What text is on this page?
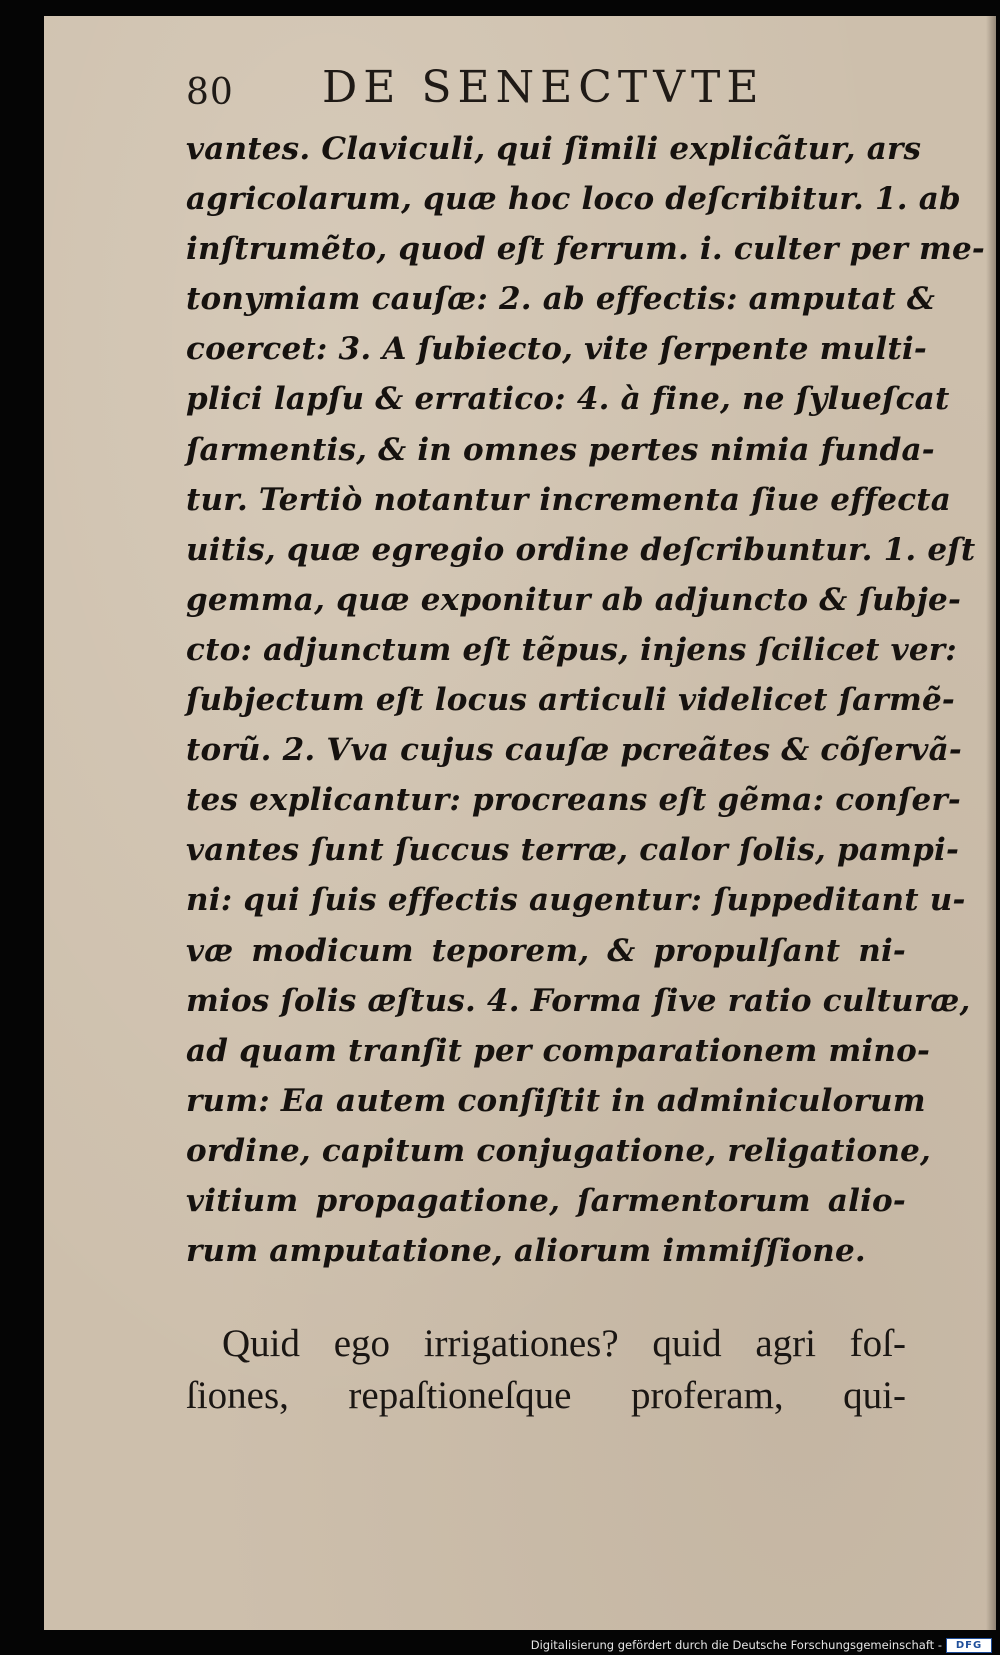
80 DE SENECTVTE
vantes. Claviculi, qui ſimili explicãtur, ars
agricolarum, quæ hoc loco deſcribitur. 1. ab
inſtrumẽto, quod eſt ferrum. i. culter per me-
tonymiam cauſæ: 2. ab effectis: amputat &
coercet: 3. A ſubiecto, vite ſerpente multi-
plici lapſu & erratico: 4. à fine, ne ſylueſcat
ſarmentis, & in omnes pertes nimia funda-
tur. Tertiò notantur incrementa ſiue effecta
uitis, quæ egregio ordine deſcribuntur. 1. eſt
gemma, quæ exponitur ab adjuncto & ſubje-
cto: adjunctum eſt tẽpus, injens ſcilicet ver:
ſubjectum eſt locus articuli videlicet ſarmẽ-
torũ. 2. Vva cujus cauſæ pcreãtes & cõſervã-
tes explicantur: procreans eſt gẽma: conſer-
vantes ſunt ſuccus terræ, calor ſolis, pampi-
ni: qui ſuis effectis augentur: ſuppeditant u-
væ modicum teporem, & propulſant ni-
mios ſolis æſtus. 4. Forma ſive ratio culturæ,
ad quam tranſit per comparationem mino-
rum: Ea autem conſiſtit in adminiculorum
ordine, capitum conjugatione, religatione,
vitium propagatione, ſarmentorum alio-
rum amputatione, aliorum immiſſione.
Quid ego irrigationes? quid agri foſ-
ſiones, repaſtioneſque proferam, qui-
Digitalisierung gefördert durch die Deutsche Forschungsgemeinschaft -	DFG
